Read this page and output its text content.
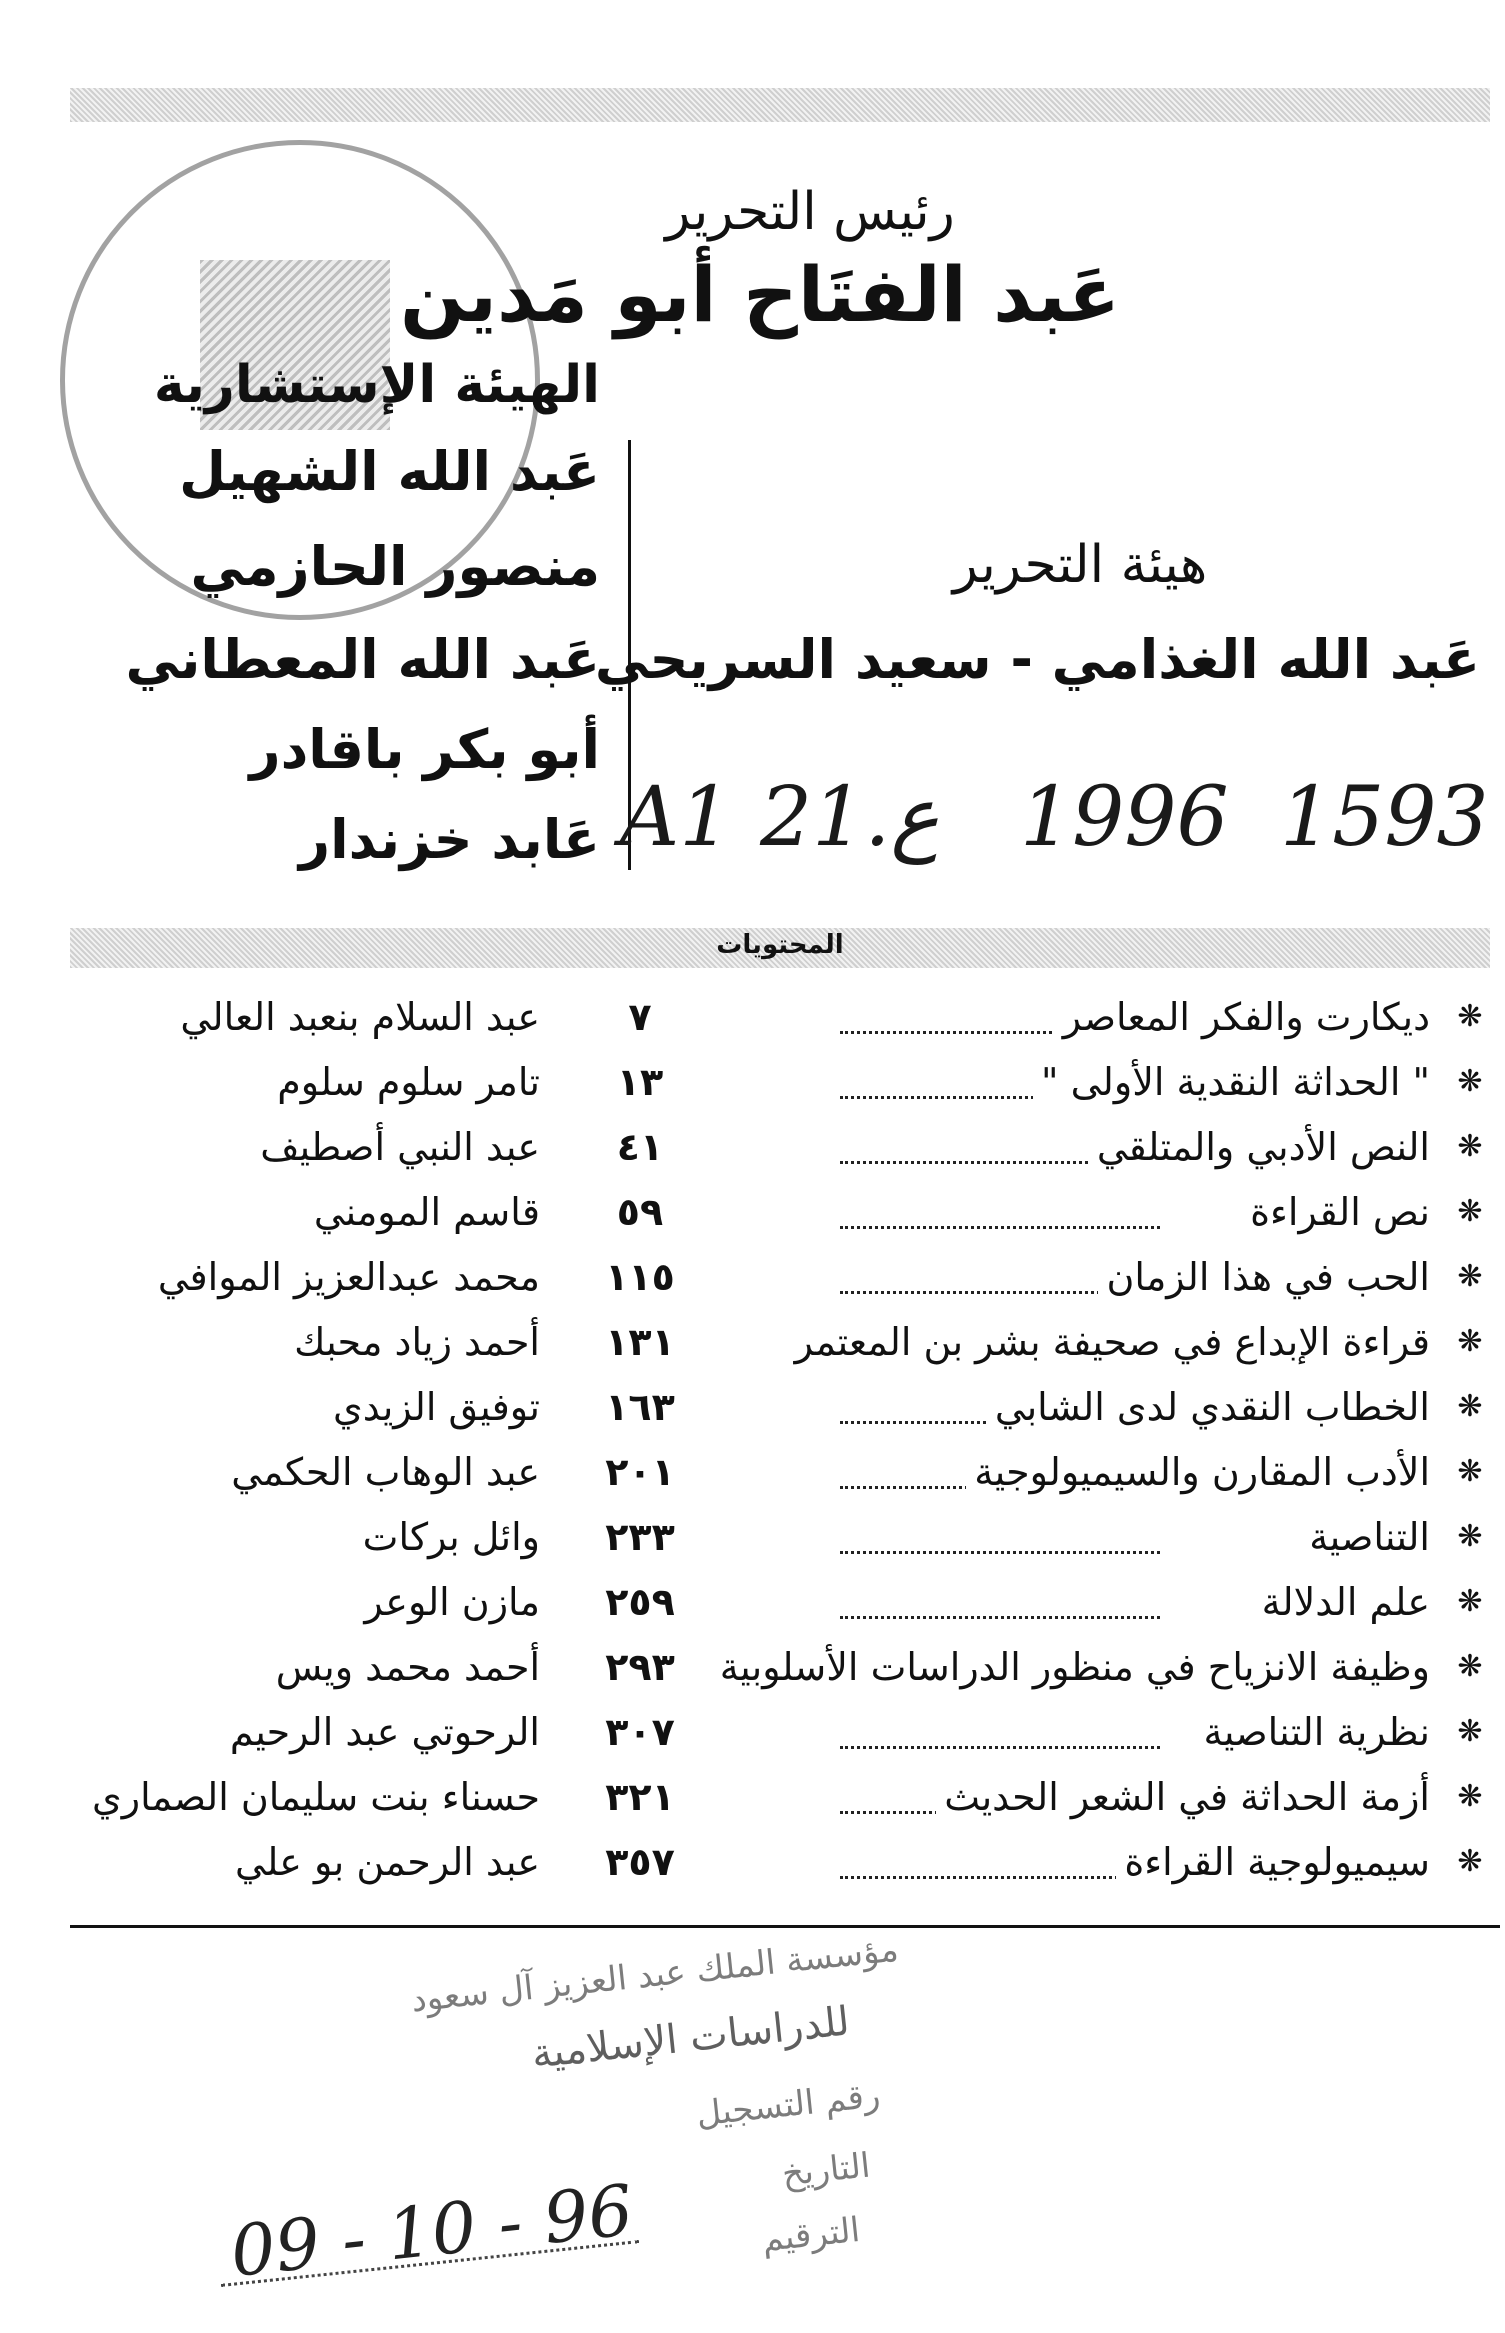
رئيس التحرير
عَبد الفتَاح أبو مَدين
الهيئة الإستشارية
عَبد الله الشهيل
منصور الحازمي
عَبد الله المعطاني
أبو بكر باقادر
عَابد خزندار
هيئة التحرير
عَبد الله الغذامي - سعيد السريحي
A1 21.ع 1996 1593
المحتويات
❋
ديكارت والفكر المعاصر
٧
عبد السلام بنعبد العالي
❋
" الحداثة النقدية الأولى "
١٣
تامر سلوم سلوم
❋
النص الأدبي والمتلقي
٤١
عبد النبي أصطيف
❋
نص القراءة
٥٩
قاسم المومني
❋
الحب في هذا الزمان
١١٥
محمد عبدالعزيز الموافي
❋
قراءة الإبداع في صحيفة بشر بن المعتمر
١٣١
أحمد زياد محبك
❋
الخطاب النقدي لدى الشابي
١٦٣
توفيق الزيدي
❋
الأدب المقارن والسيميولوجية
٢٠١
عبد الوهاب الحكمي
❋
التناصية
٢٣٣
وائل بركات
❋
علم الدلالة
٢٥٩
مازن الوعر
❋
وظيفة الانزياح في منظور الدراسات الأسلوبية
٢٩٣
أحمد محمد ويس
❋
نظرية التناصية
٣٠٧
الرحوتي عبد الرحيم
❋
أزمة الحداثة في الشعر الحديث
٣٢١
حسناء بنت سليمان الصماري
❋
سيميولوجية القراءة
٣٥٧
عبد الرحمن بو علي
مؤسسة الملك عبد العزيز آل سعود
للدراسات الإسلامية
رقم التسجيل
التاريخ
الترقيم
09 - 10 - 96
